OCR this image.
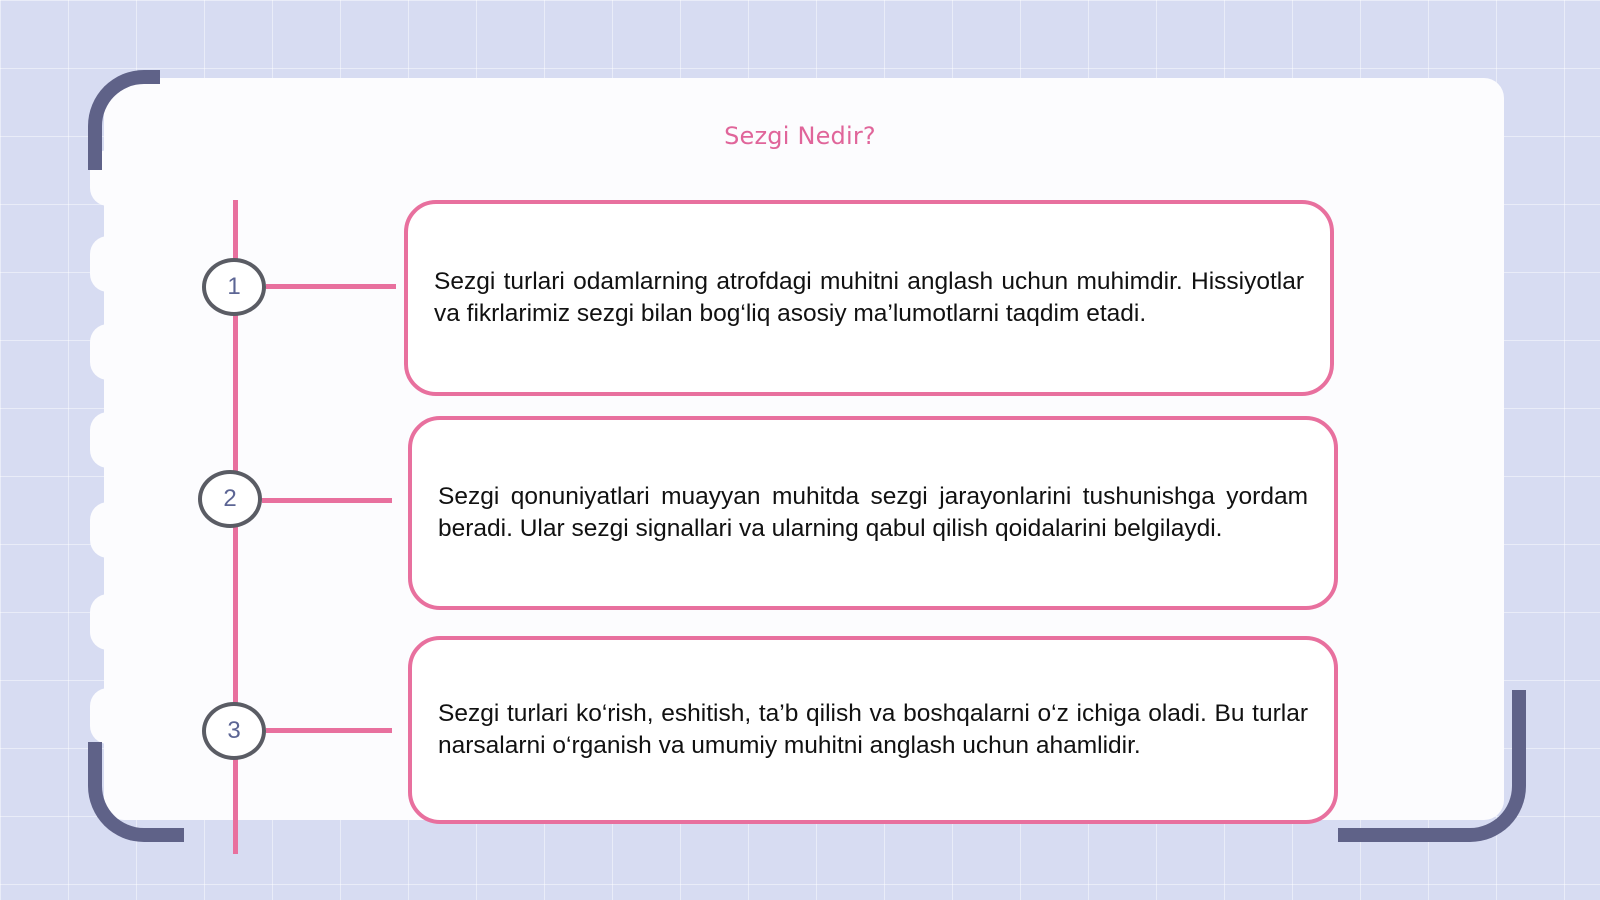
Sezgi Nedir?
1
2
3
Sezgi turlari odamlarning atrofdagi muhitni anglash uchun muhimdir. Hissiyotlar va fikrlarimiz sezgi bilan bog‘liq asosiy ma’lumotlarni taqdim etadi.
Sezgi qonuniyatlari muayyan muhitda sezgi jarayonlarini tushunishga yordam beradi. Ular sezgi signallari va ularning qabul qilish qoidalarini belgilaydi.
Sezgi turlari ko‘rish, eshitish, ta’b qilish va boshqalarni o‘z ichiga oladi. Bu turlar narsalarni o‘rganish va umumiy muhitni anglash uchun ahamlidir.
